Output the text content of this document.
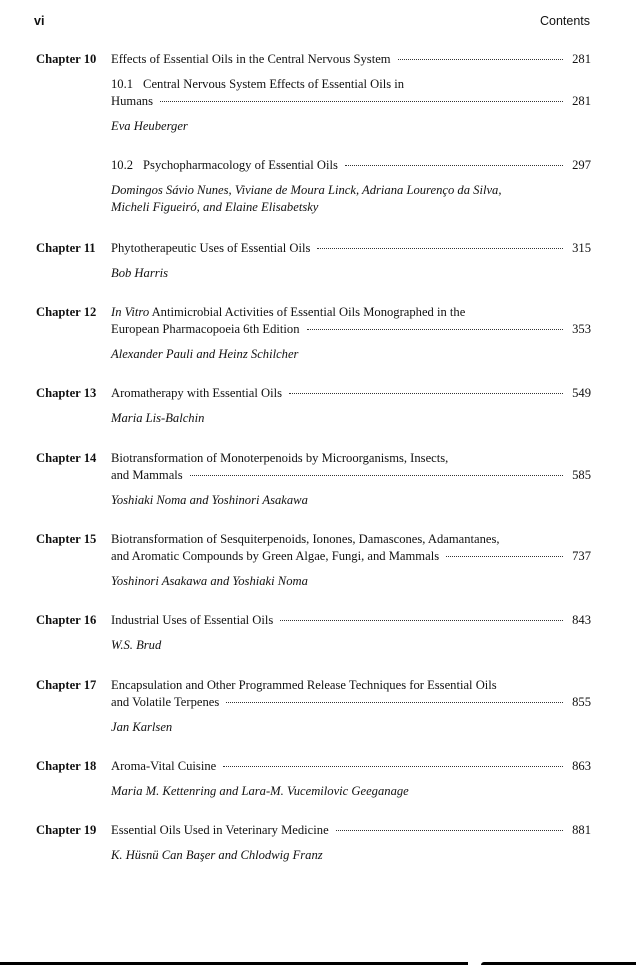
vi	Contents
Chapter 10 Effects of Essential Oils in the Central Nervous System	281
10.1 Central Nervous System Effects of Essential Oils in
Humans	281
Eva Heuberger
10.2 Psychopharmacology of Essential Oils	297
Domingos Sávio Nunes, Viviane de Moura Linck, Adriana Lourenço da Silva,
Micheli Figueiró, and Elaine Elisabetsky
Chapter 11 Phytotherapeutic Uses of Essential Oils	315
Bob Harris
Chapter 12 In Vitro Antimicrobial Activities of Essential Oils Monographed in the
European Pharmacopoeia 6th Edition	353
Alexander Pauli and Heinz Schilcher
Chapter 13 Aromatherapy with Essential Oils	549
Maria Lis-Balchin
Chapter 14 Biotransformation of Monoterpenoids by Microorganisms, Insects,
and Mammals	585
Yoshiaki Noma and Yoshinori Asakawa
Chapter 15 Biotransformation of Sesquiterpenoids, Ionones, Damascones, Adamantanes,
and Aromatic Compounds by Green Algae, Fungi, and Mammals	737
Yoshinori Asakawa and Yoshiaki Noma
Chapter 16 Industrial Uses of Essential Oils	843
W.S. Brud
Chapter 17 Encapsulation and Other Programmed Release Techniques for Essential Oils
and Volatile Terpenes	855
Jan Karlsen
Chapter 18 Aroma-Vital Cuisine	863
Maria M. Kettenring and Lara-M. Vucemilovic Geeganage
Chapter 19 Essential Oils Used in Veterinary Medicine	881
K. Hüsnü Can Başer and Chlodwig Franz
